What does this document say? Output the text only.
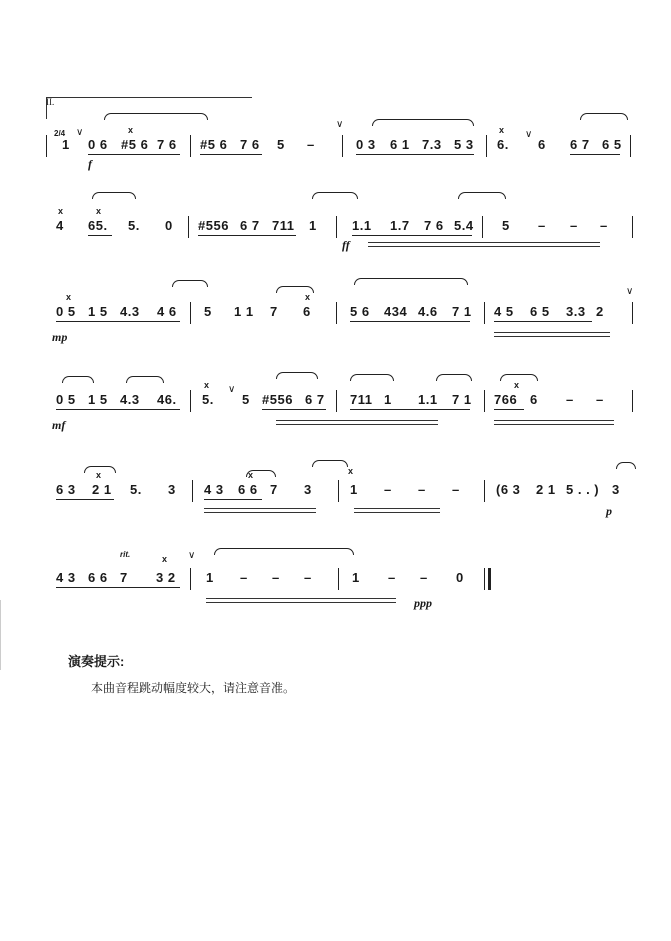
II.
2/4
1
∨
0 6 #5 6
x
7 6
f
#5 6 7 6 5 –
∨
0 3 6 1 7.3 5 3
x
6.
∨
6 6 7 6 5
x
4 65.
x
5. 0 #556 6 7 711 1	1.1 1.7 7 6 5.4
ff
5 – – –
0 5
x
1 5 4.3 4 6
mp
5 1 1 7 6
x
5 6 434 4.6 7 1 4 5 6 5 3.3 2
∨
0 5 1 5 4.3 46.
mf
x
5.
∨
5 #556 6 7 711 1 1.1 7 1 766
x
6 – –
6 3
x
2 1 5. 3 4 3 6 6
x
7 3
x
1 – – –	(6 3 2 1 5 . . ) 3
p
4 3 6 6 7
rit.	x
3 2
∨
1 – – –	1 – – 0
ppp
演奏提示:
本曲音程跳动幅度较大，请注意音准。
